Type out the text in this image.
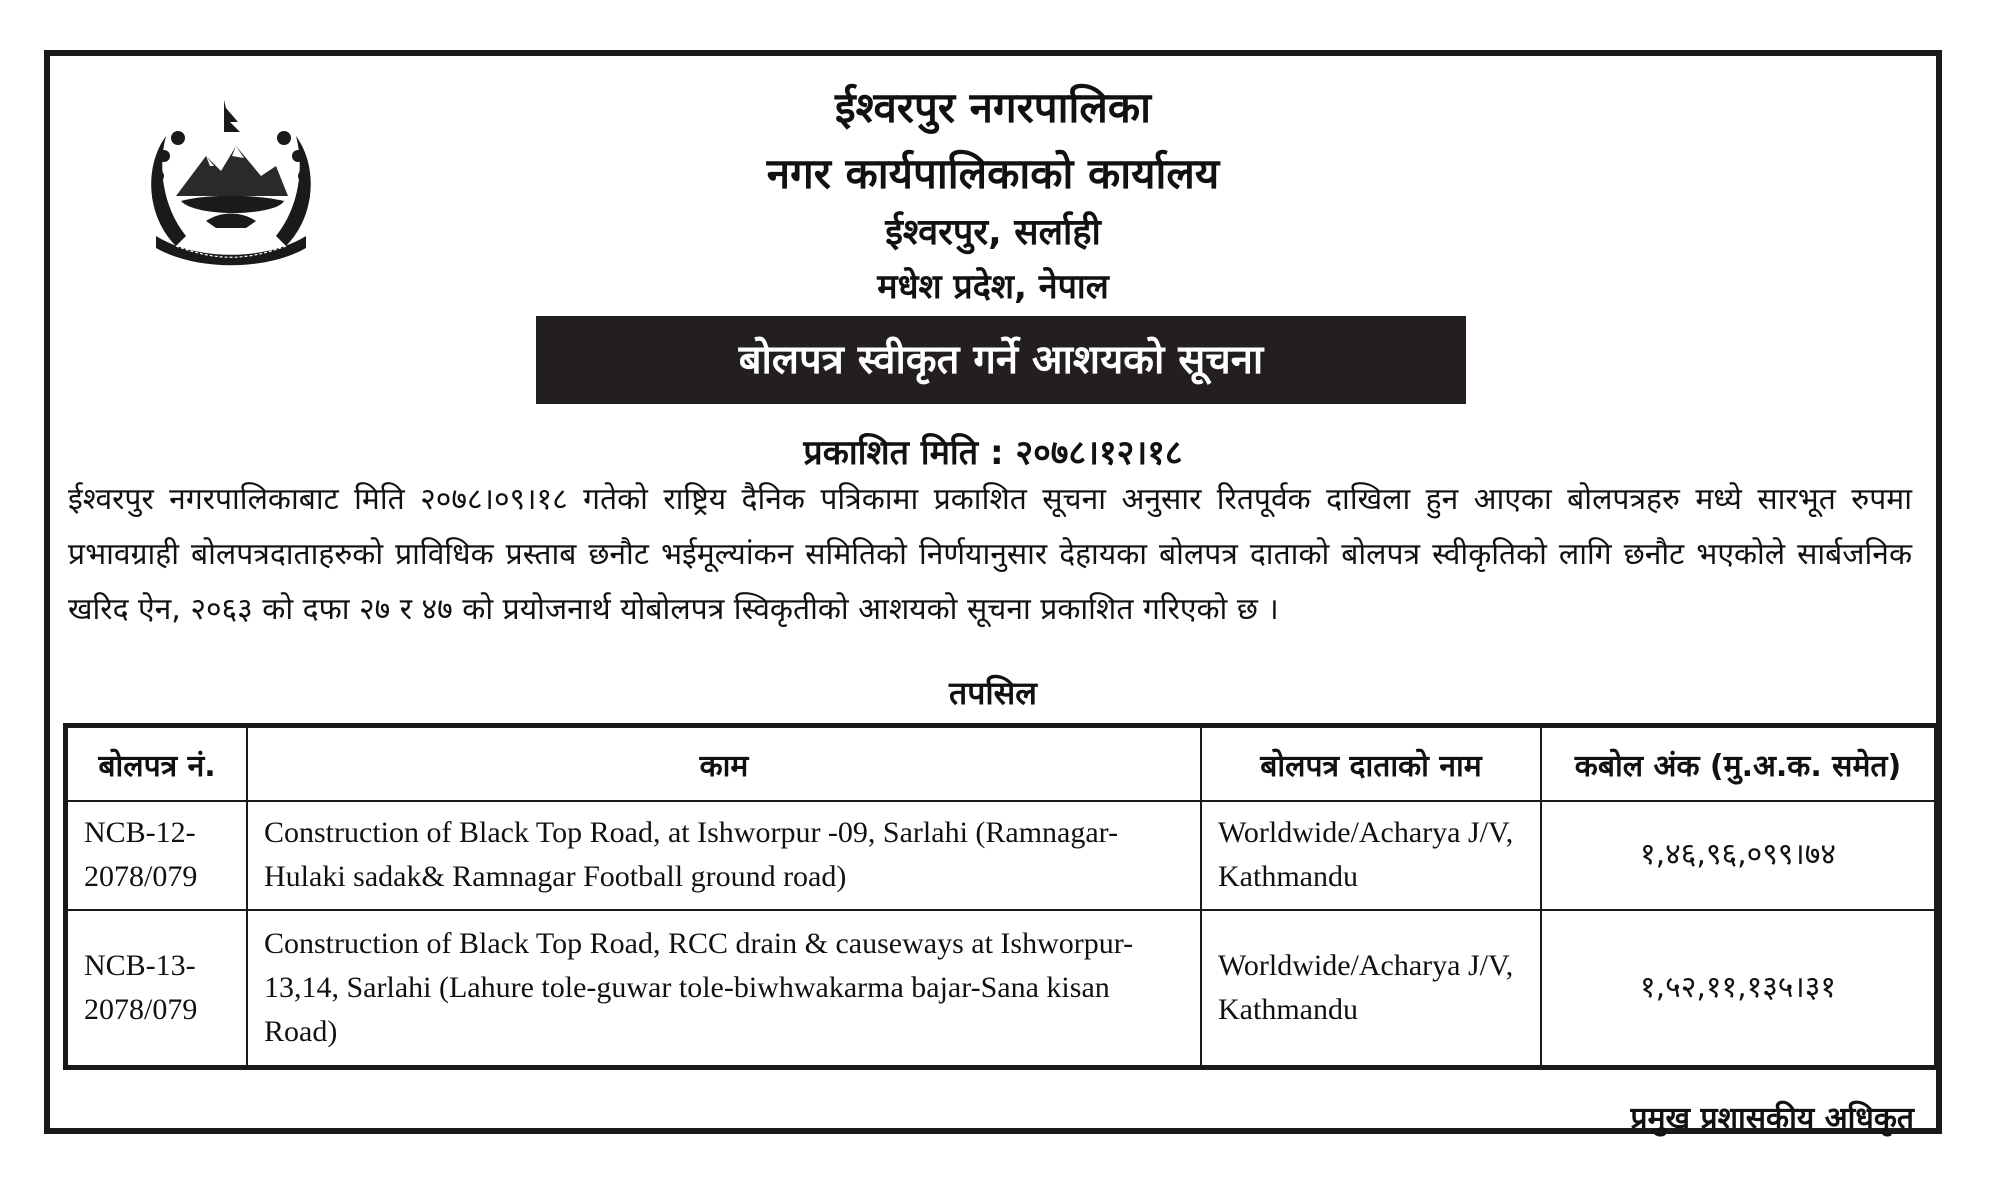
ईश्वरपुर नगरपालिका
नगर कार्यपालिकाको कार्यालय
ईश्वरपुर, सर्लाही
मधेश प्रदेश, नेपाल
बोलपत्र स्वीकृत गर्ने आशयको सूचना
प्रकाशित मिति : २०७८।१२।१८
ईश्वरपुर नगरपालिकाबाट मिति २०७८।०९।१८ गतेको राष्ट्रिय दैनिक पत्रिकामा प्रकाशित सूचना अनुसार रितपूर्वक दाखिला हुन आएका बोलपत्रहरु मध्ये सारभूत रुपमा प्रभावग्राही बोलपत्रदाताहरुको प्राविधिक प्रस्ताब छनौट भईमूल्यांकन समितिको निर्णयानुसार देहायका बोलपत्र दाताको बोलपत्र स्वीकृतिको लागि छनौट भएकोले सार्बजनिक खरिद ऐन, २०६३ को दफा २७ र ४७ को प्रयोजनार्थ योबोलपत्र स्विकृतीको आशयको सूचना प्रकाशित गरिएको छ ।
तपसिल
बोलपत्र नं.	काम	बोलपत्र दाताको नाम	कबोल अंक (मु.अ.क. समेत)
NCB-12-2078/079	Construction of Black Top Road, at Ishworpur -09, Sarlahi (Ramnagar-Hulaki sadak& Ramnagar Football ground road)	Worldwide/Acharya J/V, Kathmandu	१,४६,९६,०९९।७४
NCB-13-2078/079	Construction of Black Top Road, RCC drain & causeways at Ishworpur-13,14, Sarlahi (Lahure tole-guwar tole-biwhwakarma bajar-Sana kisan Road)	Worldwide/Acharya J/V, Kathmandu	१,५२,११,१३५।३१
प्रमुख प्रशासकीय अधिकृत
